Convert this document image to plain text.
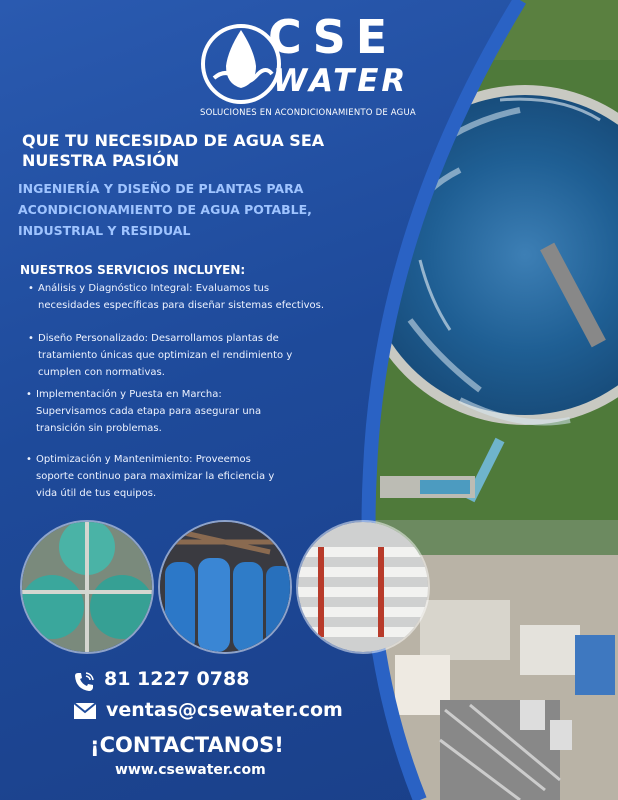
CSE
WATER
SOLUCIONES EN ACONDICIONAMIENTO DE AGUA
QUE TU NECESIDAD DE AGUA SEA
NUESTRA PASIÓN
INGENIERÍA Y DISEÑO DE PLANTAS PARA
ACONDICIONAMIENTO DE AGUA POTABLE,
INDUSTRIAL Y RESIDUAL
NUESTROS SERVICIOS INCLUYEN:
• Análisis y Diagnóstico Integral: Evaluamos tus
necesidades específicas para diseñar sistemas efectivos.
• Diseño Personalizado: Desarrollamos plantas de
tratamiento únicas que optimizan el rendimiento y
cumplen con normativas.
• Implementación y Puesta en Marcha:
Supervisamos cada etapa para asegurar una
transición sin problemas.
• Optimización y Mantenimiento: Proveemos
soporte continuo para maximizar la eficiencia y
vida útil de tus equipos.
81 1227 0788
ventas@csewater.com
¡CONTACTANOS!
www.csewater.com
